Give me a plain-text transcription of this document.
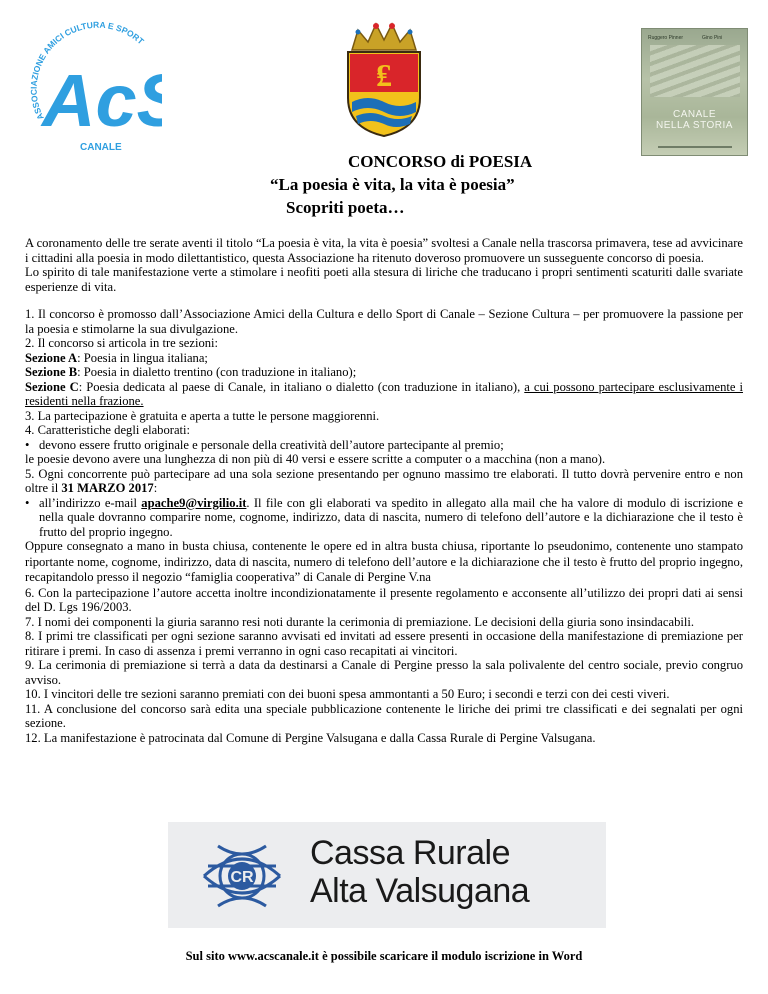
ASSOCIAZIONE AMICI CULTURA E SPORT
Ac
CANALE
₤
Ruggero Pinner	Gino Pini
CANALE
NELLA STORIA
CONCORSO di POESIA
“La poesia è vita, la vita è poesia”
Scopriti poeta…

A coronamento delle tre serate aventi il titolo “La poesia è vita, la vita è poesia” svoltesi a Canale nella trascorsa primavera, tese ad avvicinare i cittadini alla poesia in modo dilettantistico, questa Associazione ha ritenuto doveroso promuovere un susseguente concorso di poesia.

Lo spirito di tale manifestazione verte a stimolare i neofiti poeti alla stesura di liriche che traducano i propri sentimenti scaturiti dalle svariate esperienze di vita.

1. Il concorso è promosso dall’Associazione Amici della Cultura e dello Sport di Canale – Sezione Cultura – per promuovere la passione per la poesia e stimolarne la sua divulgazione.

2. Il concorso si articola in tre sezioni:

Sezione A: Poesia in lingua italiana;

Sezione B: Poesia in dialetto trentino (con traduzione in italiano);

Sezione C: Poesia dedicata al paese di Canale, in italiano o dialetto (con traduzione in italiano), a cui possono partecipare esclusivamente i residenti nella frazione.

3. La partecipazione è gratuita e aperta a tutte le persone maggiorenni.

4. Caratteristiche degli elaborati:

• devono essere frutto originale e personale della creatività dell’autore partecipante al premio;

le poesie devono avere una lunghezza di non più di 40 versi e essere scritte a computer o a macchina (non a mano).

5. Ogni concorrente può partecipare ad una sola sezione presentando per ognuno massimo tre elaborati. Il tutto dovrà pervenire entro e non oltre il 31 MARZO 2017:

• all’indirizzo e-mail apache9@virgilio.it. Il file con gli elaborati va spedito in allegato alla mail che ha valore di modulo di iscrizione e nella quale dovranno comparire nome, cognome, indirizzo, data di nascita, numero di telefono dell’autore e la dichiarazione che il testo è frutto del proprio ingegno.

Oppure consegnato a mano in busta chiusa, contenente le opere ed in altra busta chiusa, riportante lo pseudonimo, contenente uno stampato riportante nome, cognome, indirizzo, data di nascita, numero di telefono dell’autore e la dichiarazione che il testo è frutto del proprio ingegno, recapitandolo presso il negozio “famiglia cooperativa” di Canale di Pergine V.na

6. Con la partecipazione l’autore accetta inoltre incondizionatamente il presente regolamento e acconsente all’utilizzo dei propri dati ai sensi del D. Lgs 196/2003.

7. I nomi dei componenti la giuria saranno resi noti durante la cerimonia di premiazione. Le decisioni della giuria sono insindacabili.

8. I primi tre classificati per ogni sezione saranno avvisati ed invitati ad essere presenti in occasione della manifestazione di premiazione per ritirare i premi. In caso di assenza i premi verranno in ogni caso recapitati ai vincitori.

9. La cerimonia di premiazione si terrà a data da destinarsi a Canale di Pergine presso la sala polivalente del centro sociale, previo congruo avviso.

10. I vincitori delle tre sezioni saranno premiati con dei buoni spesa ammontanti a 50 Euro; i secondi e terzi con dei cesti viveri.

11. A conclusione del concorso sarà edita una speciale pubblicazione contenente le liriche dei primi tre classificati e dei segnalati per ogni sezione.

12. La manifestazione è patrocinata dal Comune di Pergine Valsugana e dalla Cassa Rurale di Pergine Valsugana.

CR
Cassa Rurale
Alta Valsugana
Sul sito www.acscanale.it è possibile scaricare il modulo iscrizione in Word
